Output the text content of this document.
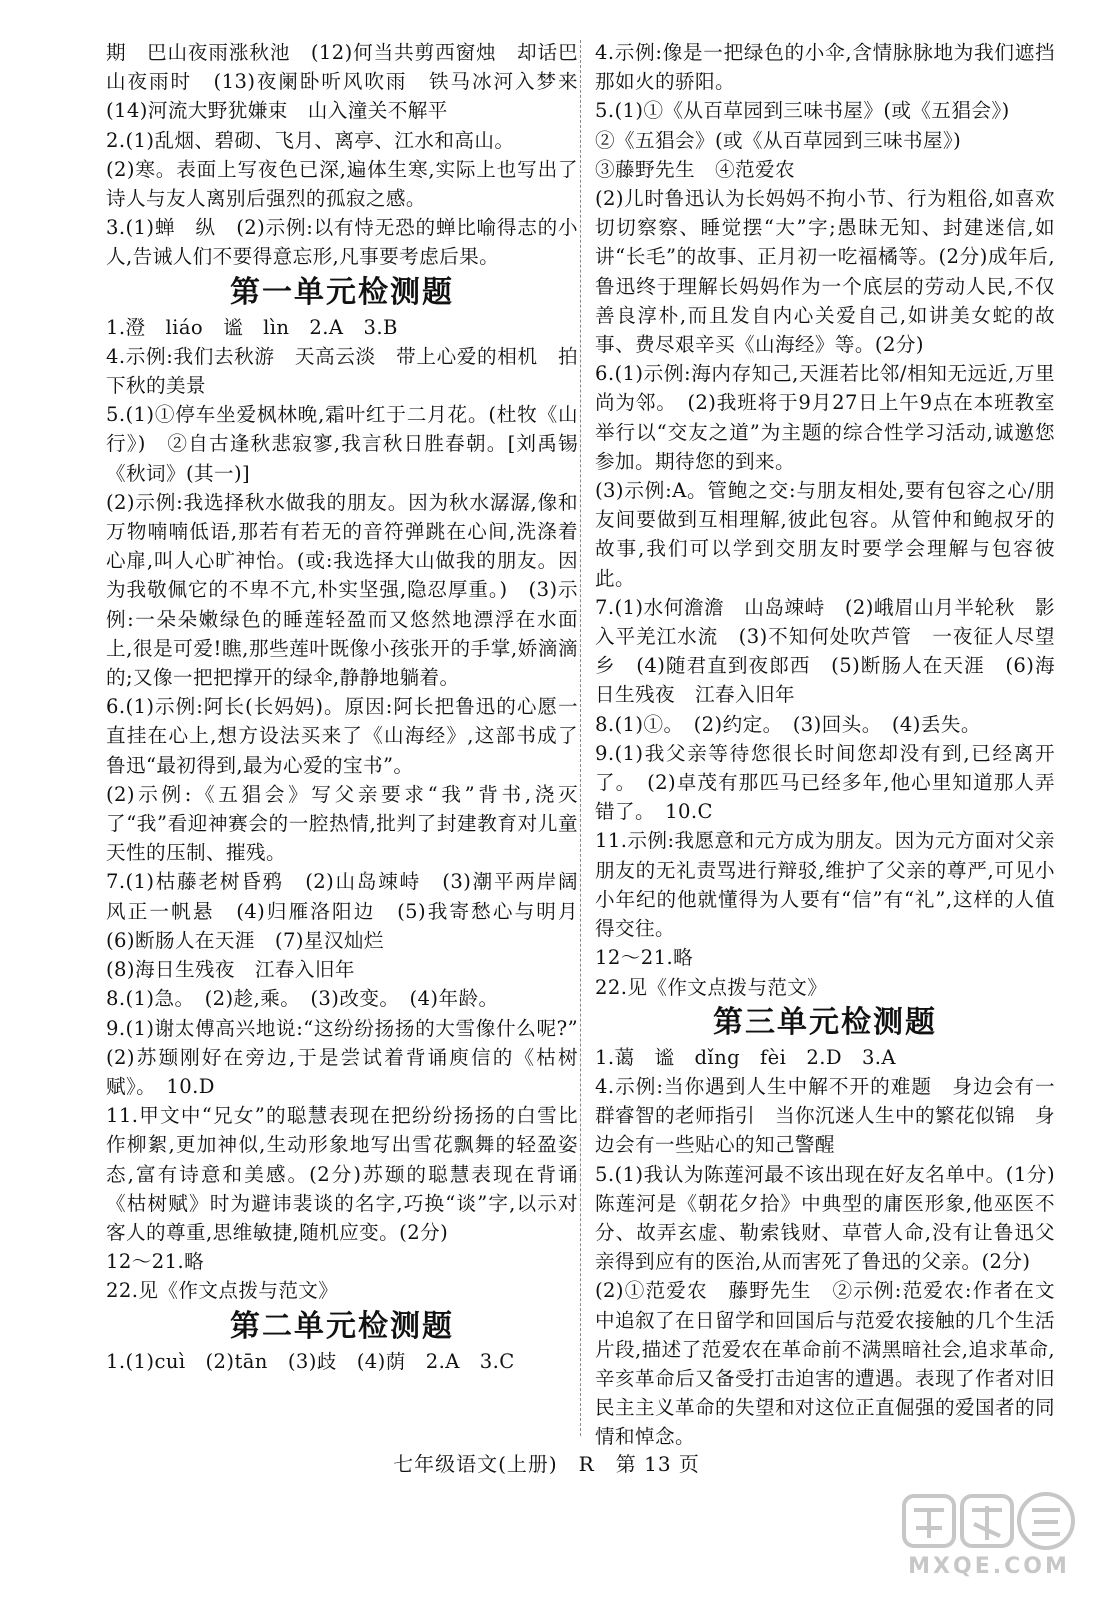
期　巴山夜雨涨秋池　(12)何当共剪西窗烛　却话巴山夜雨时　(13)夜阑卧听风吹雨　铁马冰河入梦来　(14)河流大野犹嫌束　山入潼关不解平

2.(1)乱烟、碧砌、飞月、离亭、江水和高山。

(2)寒。表面上写夜色已深,遍体生寒,实际上也写出了诗人与友人离别后强烈的孤寂之感。

3.(1)蝉　纵　(2)示例:以有恃无恐的蝉比喻得志的小人,告诫人们不要得意忘形,凡事要考虑后果。

第一单元检测题

1.澄　liáo　谧　lìn　2.A　3.B

4.示例:我们去秋游　天高云淡　带上心爱的相机　拍下秋的美景

5.(1)①停车坐爱枫林晚,霜叶红于二月花。(杜牧《山行》)　②自古逢秋悲寂寥,我言秋日胜春朝。[刘禹锡《秋词》(其一)]

(2)示例:我选择秋水做我的朋友。因为秋水潺潺,像和万物喃喃低语,那若有若无的音符弹跳在心间,洗涤着心扉,叫人心旷神怡。(或:我选择大山做我的朋友。因为我敬佩它的不卑不亢,朴实坚强,隐忍厚重。)　(3)示例:一朵朵嫩绿色的睡莲轻盈而又悠然地漂浮在水面上,很是可爱!瞧,那些莲叶既像小孩张开的手掌,娇滴滴的;又像一把把撑开的绿伞,静静地躺着。

6.(1)示例:阿长(长妈妈)。原因:阿长把鲁迅的心愿一直挂在心上,想方设法买来了《山海经》,这部书成了鲁迅“最初得到,最为心爱的宝书”。

(2)示例:《五猖会》写父亲要求“我”背书,浇灭了“我”看迎神赛会的一腔热情,批判了封建教育对儿童天性的压制、摧残。

7.(1)枯藤老树昏鸦　(2)山岛竦峙　(3)潮平两岸阔　风正一帆悬　(4)归雁洛阳边　(5)我寄愁心与明月　(6)断肠人在天涯　(7)星汉灿烂

(8)海日生残夜　江春入旧年

8.(1)急。　(2)趁,乘。　(3)改变。　(4)年龄。

9.(1)谢太傅高兴地说:“这纷纷扬扬的大雪像什么呢?”　(2)苏颋刚好在旁边,于是尝试着背诵庾信的《枯树赋》。　10.D

11.甲文中“兄女”的聪慧表现在把纷纷扬扬的白雪比作柳絮,更加神似,生动形象地写出雪花飘舞的轻盈姿态,富有诗意和美感。(2分)苏颋的聪慧表现在背诵《枯树赋》时为避讳裴谈的名字,巧换“谈”字,以示对客人的尊重,思维敏捷,随机应变。(2分)

12～21.略

22.见《作文点拨与范文》

第二单元检测题

1.(1)cuì　(2)tān　(3)歧　(4)荫　2.A　3.C

4.示例:像是一把绿色的小伞,含情脉脉地为我们遮挡那如火的骄阳。

5.(1)①《从百草园到三味书屋》(或《五猖会》)

②《五猖会》(或《从百草园到三味书屋》)

③藤野先生　④范爱农

(2)儿时鲁迅认为长妈妈不拘小节、行为粗俗,如喜欢切切察察、睡觉摆“大”字;愚昧无知、封建迷信,如讲“长毛”的故事、正月初一吃福橘等。(2分)成年后,鲁迅终于理解长妈妈作为一个底层的劳动人民,不仅善良淳朴,而且发自内心关爱自己,如讲美女蛇的故事、费尽艰辛买《山海经》等。(2分)

6.(1)示例:海内存知己,天涯若比邻/相知无远近,万里尚为邻。　(2)我班将于9月27日上午9点在本班教室举行以“交友之道”为主题的综合性学习活动,诚邀您参加。期待您的到来。

(3)示例:A。管鲍之交:与朋友相处,要有包容之心/朋友间要做到互相理解,彼此包容。从管仲和鲍叔牙的故事,我们可以学到交朋友时要学会理解与包容彼此。

7.(1)水何澹澹　山岛竦峙　(2)峨眉山月半轮秋　影入平羌江水流　(3)不知何处吹芦管　一夜征人尽望乡　(4)随君直到夜郎西　(5)断肠人在天涯　(6)海日生残夜　江春入旧年

8.(1)①。　(2)约定。　(3)回头。　(4)丢失。

9.(1)我父亲等待您很长时间您却没有到,已经离开了。　(2)卓茂有那匹马已经多年,他心里知道那人弄错了。　10.C

11.示例:我愿意和元方成为朋友。因为元方面对父亲朋友的无礼责骂进行辩驳,维护了父亲的尊严,可见小小年纪的他就懂得为人要有“信”有“礼”,这样的人值得交往。

12～21.略

22.见《作文点拨与范文》

第三单元检测题

1.蔼　谧　dǐng　fèi　2.D　3.A

4.示例:当你遇到人生中解不开的难题　身边会有一群睿智的老师指引　当你沉迷人生中的繁花似锦　身边会有一些贴心的知己警醒

5.(1)我认为陈莲河最不该出现在好友名单中。(1分)陈莲河是《朝花夕拾》中典型的庸医形象,他巫医不分、故弄玄虚、勒索钱财、草菅人命,没有让鲁迅父亲得到应有的医治,从而害死了鲁迅的父亲。(2分)

(2)①范爱农　藤野先生　②示例:范爱农:作者在文中追叙了在日留学和回国后与范爱农接触的几个生活片段,描述了范爱农在革命前不满黑暗社会,追求革命,辛亥革命后又备受打击迫害的遭遇。表现了作者对旧民主主义革命的失望和对这位正直倔强的爱国者的同情和悼念。

七年级语文(上册)　R　第 13 页
MXQE.COM
